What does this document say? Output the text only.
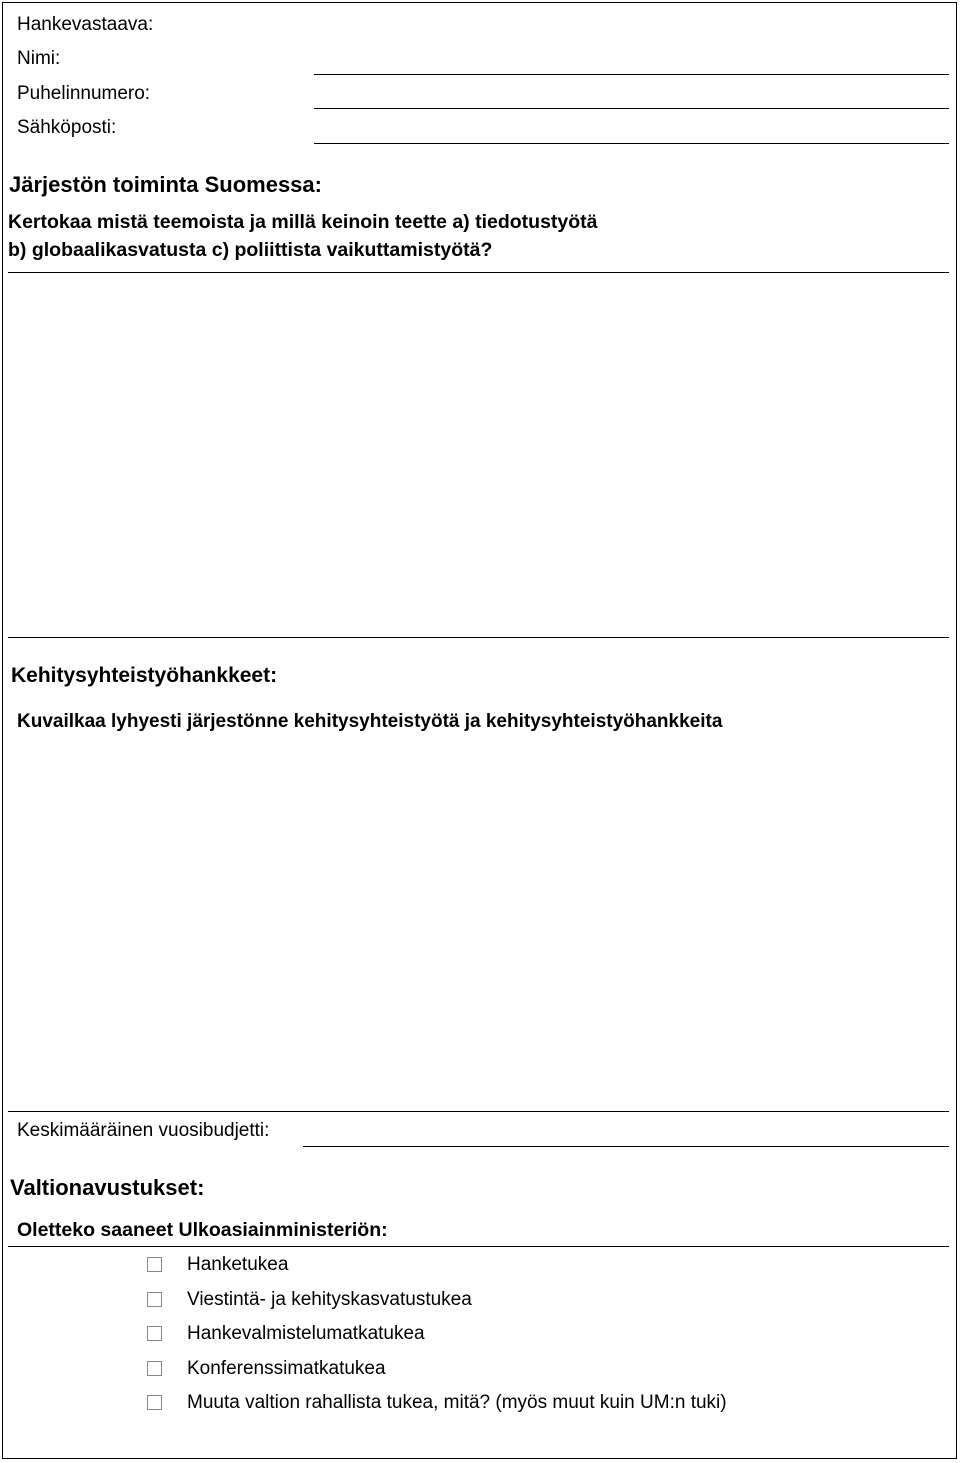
Hankevastaava:
Nimi:
Puhelinnumero:
Sähköposti:
Järjestön toiminta Suomessa:
Kertokaa mistä teemoista ja millä keinoin teette a) tiedotustyötä
b) globaalikasvatusta c) poliittista vaikuttamistyötä?
Kehitysyhteistyöhankkeet:
Kuvailkaa lyhyesti järjestönne kehitysyhteistyötä ja kehitysyhteistyöhankkeita
Keskimääräinen vuosibudjetti:
Valtionavustukset:
Oletteko saaneet Ulkoasiainministeriön:
Hanketukea
Viestintä- ja kehityskasvatustukea
Hankevalmistelumatkatukea
Konferenssimatkatukea
Muuta valtion rahallista tukea, mitä? (myös muut kuin UM:n tuki)
